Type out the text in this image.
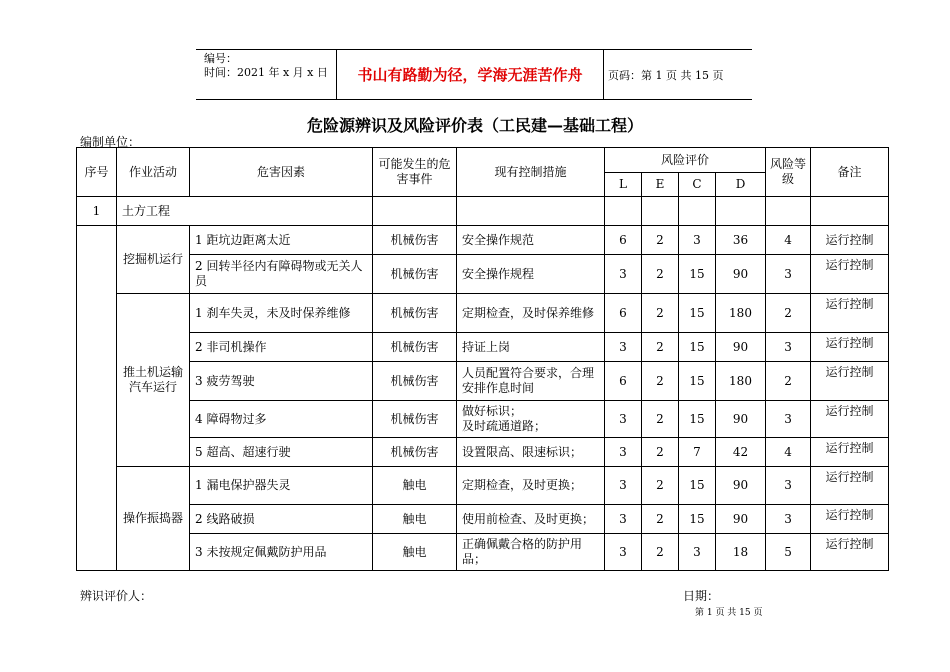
编号：
时间：2021 年 x 月 x 日	书山有路勤为径，学海无涯苦作舟	页码：第 1 页 共 15 页
危险源辨识及风险评价表（工民建—基础工程）
编制单位：
序号	作业活动	危害因素	可能发生的危害事件	现有控制措施	风险评价				风险等级	备注
					L	E	C	D		
1	土方工程									
	挖掘机运行	1 距坑边距离太近	机械伤害	安全操作规范	6	2	3	36	4	运行控制
		2 回转半径内有障碍物或无关人员	机械伤害	安全操作规程	3	2	15	90	3	运行控制
	推土机运输汽车运行	1 刹车失灵，未及时保养维修	机械伤害	定期检查，及时保养维修	6	2	15	180	2	运行控制
		2 非司机操作	机械伤害	持证上岗	3	2	15	90	3	运行控制
		3 疲劳驾驶	机械伤害	人员配置符合要求，合理安排作息时间	6	2	15	180	2	运行控制
		4 障碍物过多	机械伤害	做好标识；
及时疏通道路；	3	2	15	90	3	运行控制
		5 超高、超速行驶	机械伤害	设置限高、限速标识；	3	2	7	42	4	运行控制
	操作振捣器	1 漏电保护器失灵	触电	定期检查，及时更换；	3	2	15	90	3	运行控制
		2 线路破损	触电	使用前检查、及时更换；	3	2	15	90	3	运行控制
		3 未按规定佩戴防护用品	触电	正确佩戴合格的防护用品；	3	2	3	18	5	运行控制
辨识评价人：	日期：
第 1 页 共 15 页
